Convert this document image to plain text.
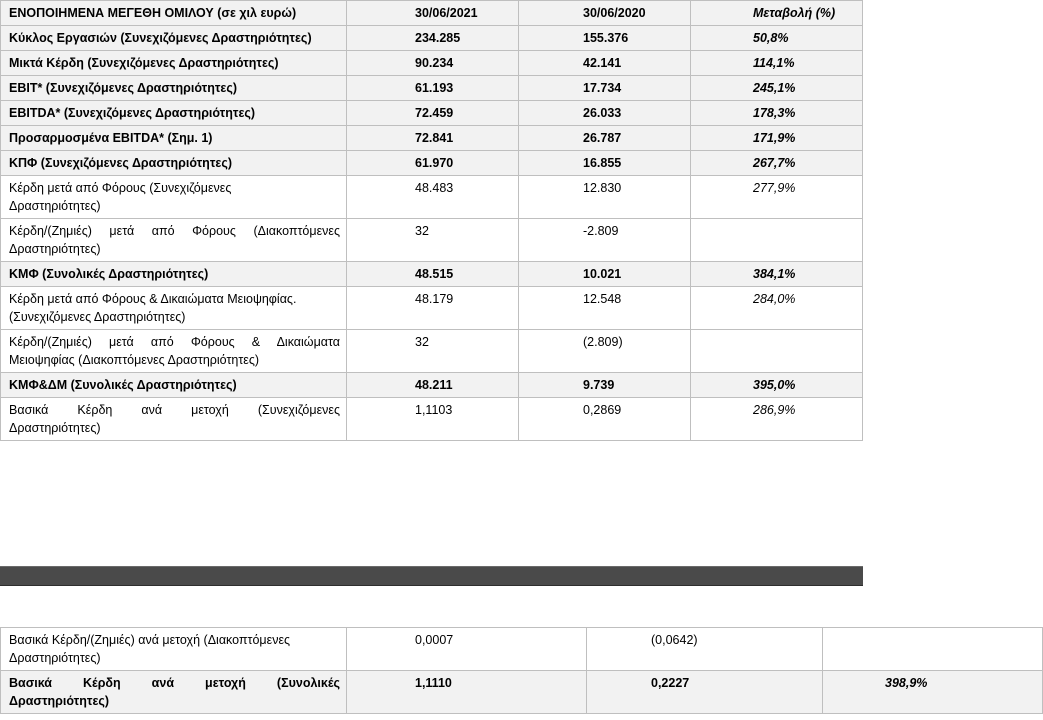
ΕΝΟΠΟΙΗΜΕΝΑ ΜΕΓΕΘΗ ΟΜΙΛΟΥ (σε χιλ ευρώ)	30/06/2021	30/06/2020	Μεταβολή (%)
Κύκλος Εργασιών (Συνεχιζόμενες Δραστηριότητες)	234.285	155.376	50,8%
Μικτά Κέρδη (Συνεχιζόμενες Δραστηριότητες)	90.234	42.141	114,1%
EBIT* (Συνεχιζόμενες Δραστηριότητες)	61.193	17.734	245,1%
EBITDA* (Συνεχιζόμενες Δραστηριότητες)	72.459	26.033	178,3%
Προσαρμοσμένα EBITDA* (Σημ. 1)	72.841	26.787	171,9%
ΚΠΦ (Συνεχιζόμενες Δραστηριότητες)	61.970	16.855	267,7%
Κέρδη μετά από Φόρους (Συνεχιζόμενες
Δραστηριότητες)	48.483	12.830	277,9%

Κέρδη/(Ζημιές) μετά από Φόρους (Διακοπτόμενες
Δραστηριότητες)	32	-2.809	
ΚΜΦ (Συνολικές Δραστηριότητες)	48.515	10.021	384,1%
Κέρδη μετά από Φόρους & Δικαιώματα Μειοψηφίας.
(Συνεχιζόμενες Δραστηριότητες)	48.179	12.548	284,0%

Κέρδη/(Ζημιές) μετά από Φόρους & Δικαιώματα
Μειοψηφίας (Διακοπτόμενες Δραστηριότητες)	32	(2.809)	
ΚΜΦ&ΔΜ (Συνολικές Δραστηριότητες)	48.211	9.739	395,0%

Βασικά Κέρδη ανά μετοχή (Συνεχιζόμενες
Δραστηριότητες)	1,1103	0,2869	286,9%
Βασικά Κέρδη/(Ζημιές) ανά μετοχή (Διακοπτόμενες
Δραστηριότητες)	0,0007	(0,0642)	

Βασικά Κέρδη ανά μετοχή (Συνολικές
Δραστηριότητες)	1,1110	0,2227	398,9%
